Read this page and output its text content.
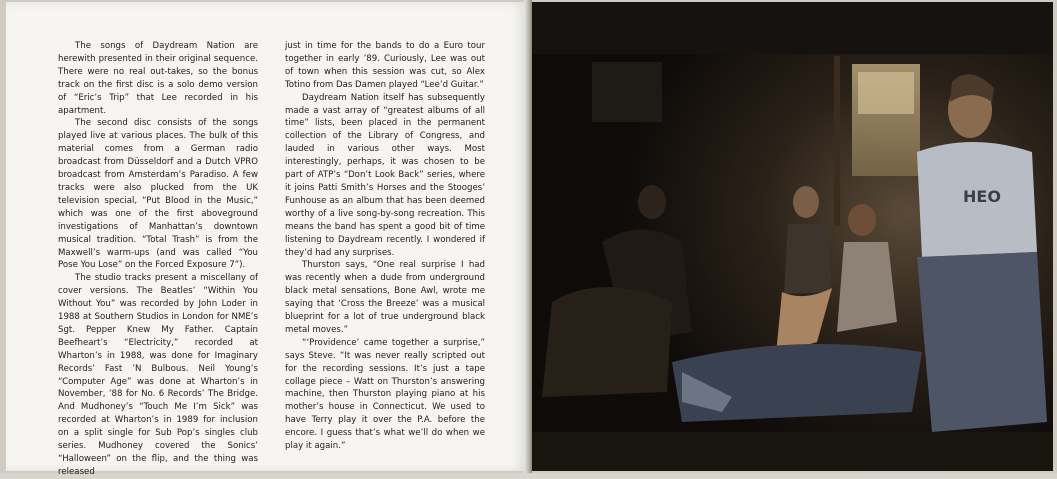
The songs of Daydream Nation are herewith presented in their original sequence. There were no real out-takes, so the bonus track on the first disc is a solo demo version of “Eric’s Trip” that Lee recorded in his apartment.

The second disc consists of the songs played live at various places. The bulk of this material comes from a German radio broadcast from Düsseldorf and a Dutch VPRO broadcast from Amsterdam’s Paradiso. A few tracks were also plucked from the UK television special, “Put Blood in the Music,” which was one of the first aboveground investigations of Manhattan’s downtown musical tradition. “Total Trash” is from the Maxwell’s warm-ups (and was called “You Pose You Lose” on the Forced Exposure 7”).

The studio tracks present a miscellany of cover versions. The Beatles’ “Within You Without You” was recorded by John Loder in 1988 at Southern Studios in London for NME’s Sgt. Pepper Knew My Father. Captain Beefheart’s “Electricity,” recorded at Wharton’s in 1988, was done for Imaginary Records’ Fast ’N Bulbous. Neil Young’s “Computer Age” was done at Wharton’s in November, ’88 for No. 6 Records’ The Bridge. And Mudhoney’s “Touch Me I’m Sick” was recorded at Wharton’s in 1989 for inclusion on a split single for Sub Pop’s singles club series. Mudhoney covered the Sonics’ “Halloween” on the flip, and the thing was released

just in time for the bands to do a Euro tour together in early ’89. Curiously, Lee was out of town when this session was cut, so Alex Totino from Das Damen played “Lee’d Guitar.”

Daydream Nation itself has subsequently made a vast array of “greatest albums of all time” lists, been placed in the permanent collection of the Library of Congress, and lauded in various other ways. Most interestingly, perhaps, it was chosen to be part of ATP’s “Don’t Look Back” series, where it joins Patti Smith’s Horses and the Stooges’ Funhouse as an album that has been deemed worthy of a live song-by-song recreation. This means the band has spent a good bit of time listening to Daydream recently. I wondered if they’d had any surprises.

Thurston says, “One real surprise I had was recently when a dude from underground black metal sensations, Bone Awl, wrote me saying that ‘Cross the Breeze’ was a musical blueprint for a lot of true underground black metal moves.”

“‘Providence’ came together a surprise,” says Steve. “It was never really scripted out for the recording sessions. It’s just a tape collage piece – Watt on Thurston’s answering machine, then Thurston playing piano at his mother’s house in Connecticut. We used to have Terry play it over the P.A. before the encore. I guess that’s what we’ll do when we play it again.”

HEO
